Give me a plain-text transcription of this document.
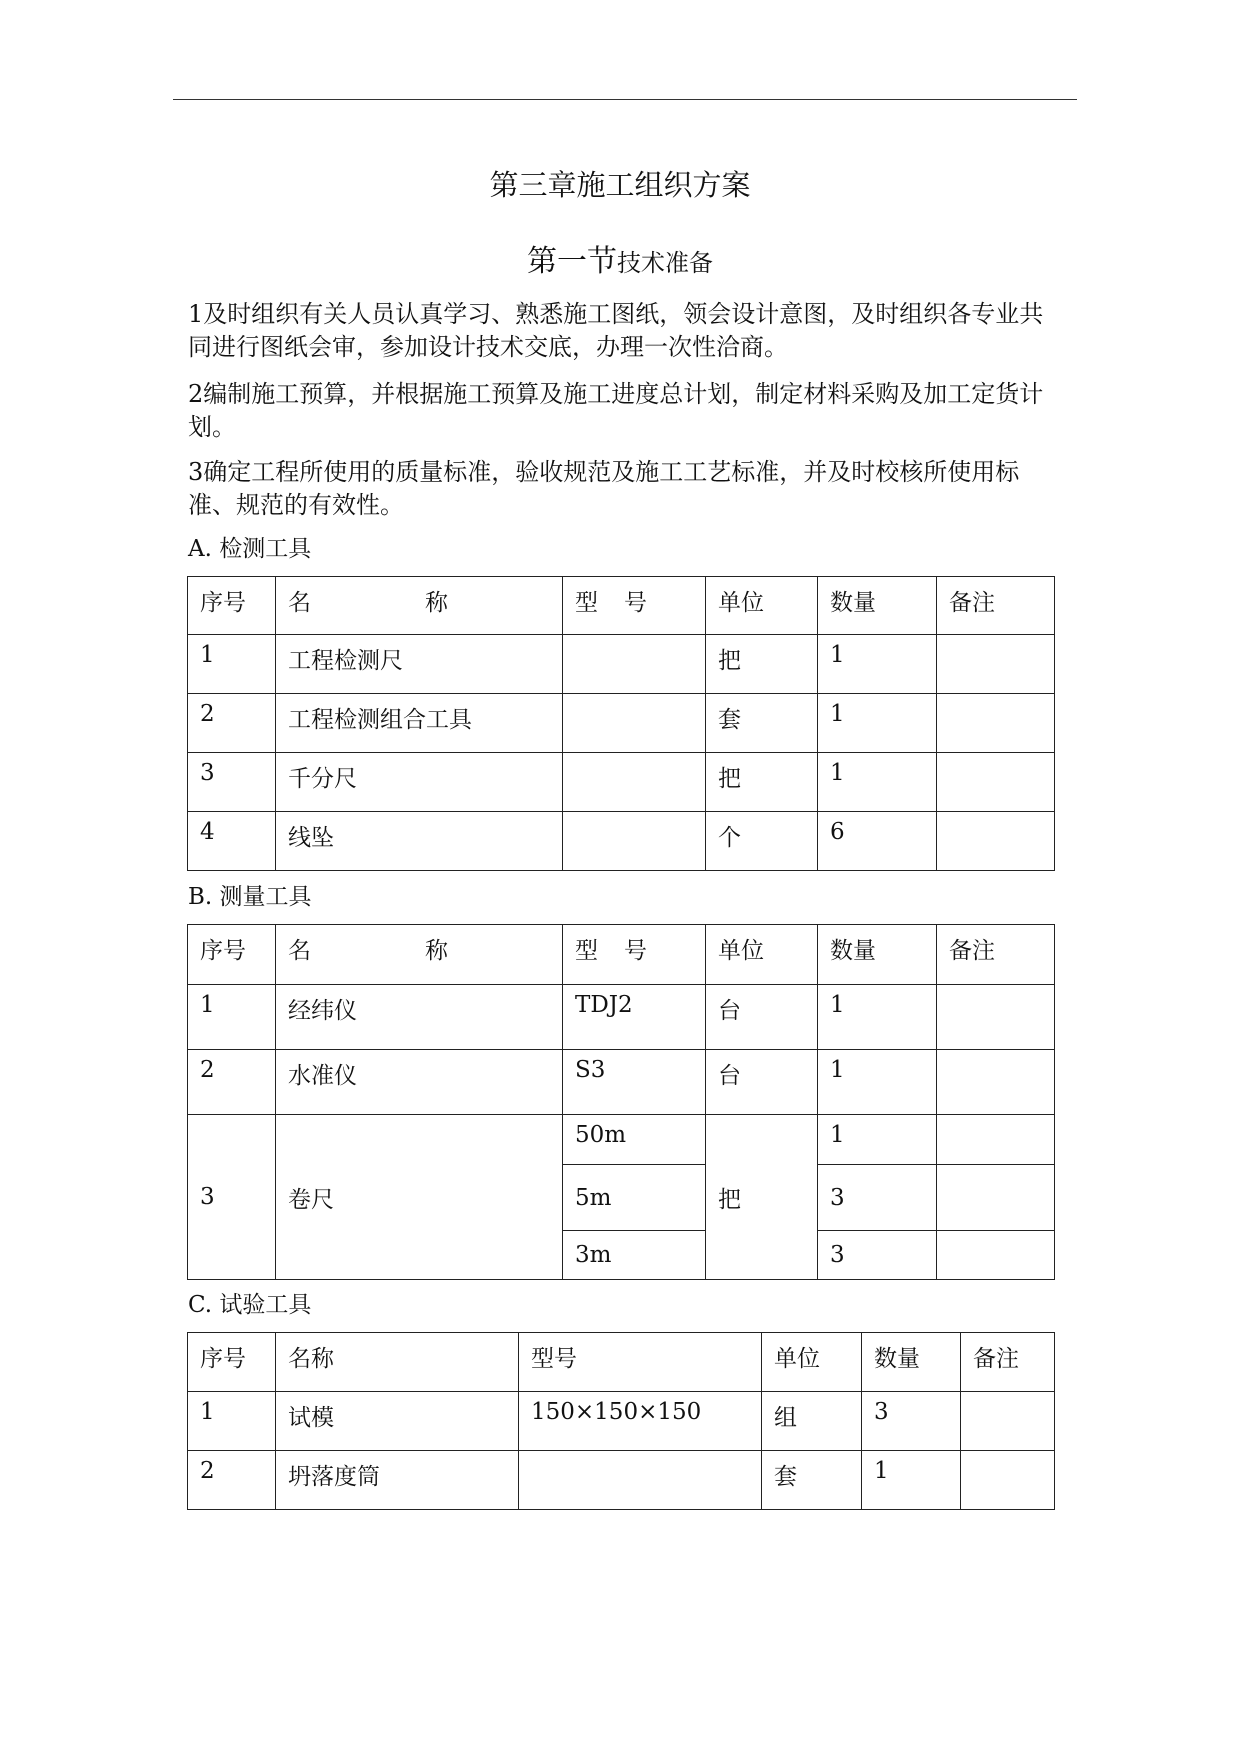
第三章施工组织方案
第一节技术准备

1及时组织有关人员认真学习、熟悉施工图纸，领会设计意图，及时组织各专业共同进行图纸会审，参加设计技术交底，办理一次性洽商。

2编制施工预算，并根据施工预算及施工进度总计划，制定材料采购及加工定货计划。

3确定工程所使用的质量标准，验收规范及施工工艺标准，并及时校核所使用标准、规范的有效性。

A. 检测工具

序号	名 称	型 号	单位	数量	备注

1	工程检测尺		把	1	

2	工程检测组合工具		套	1	

3	千分尺		把	1	

4	线坠		个	6	

B. 测量工具

序号	名 称	型 号	单位	数量	备注

1	经纬仪	TDJ2	台	1	

2	水准仪	S3	台	1	

3	卷尺	50m	把	1	

		5m		3	

		3m		3	

C. 试验工具

序号	名称	型号	单位	数量	备注

1	试模	150×150×150	组	3	

2	坍落度筒		套	1	
